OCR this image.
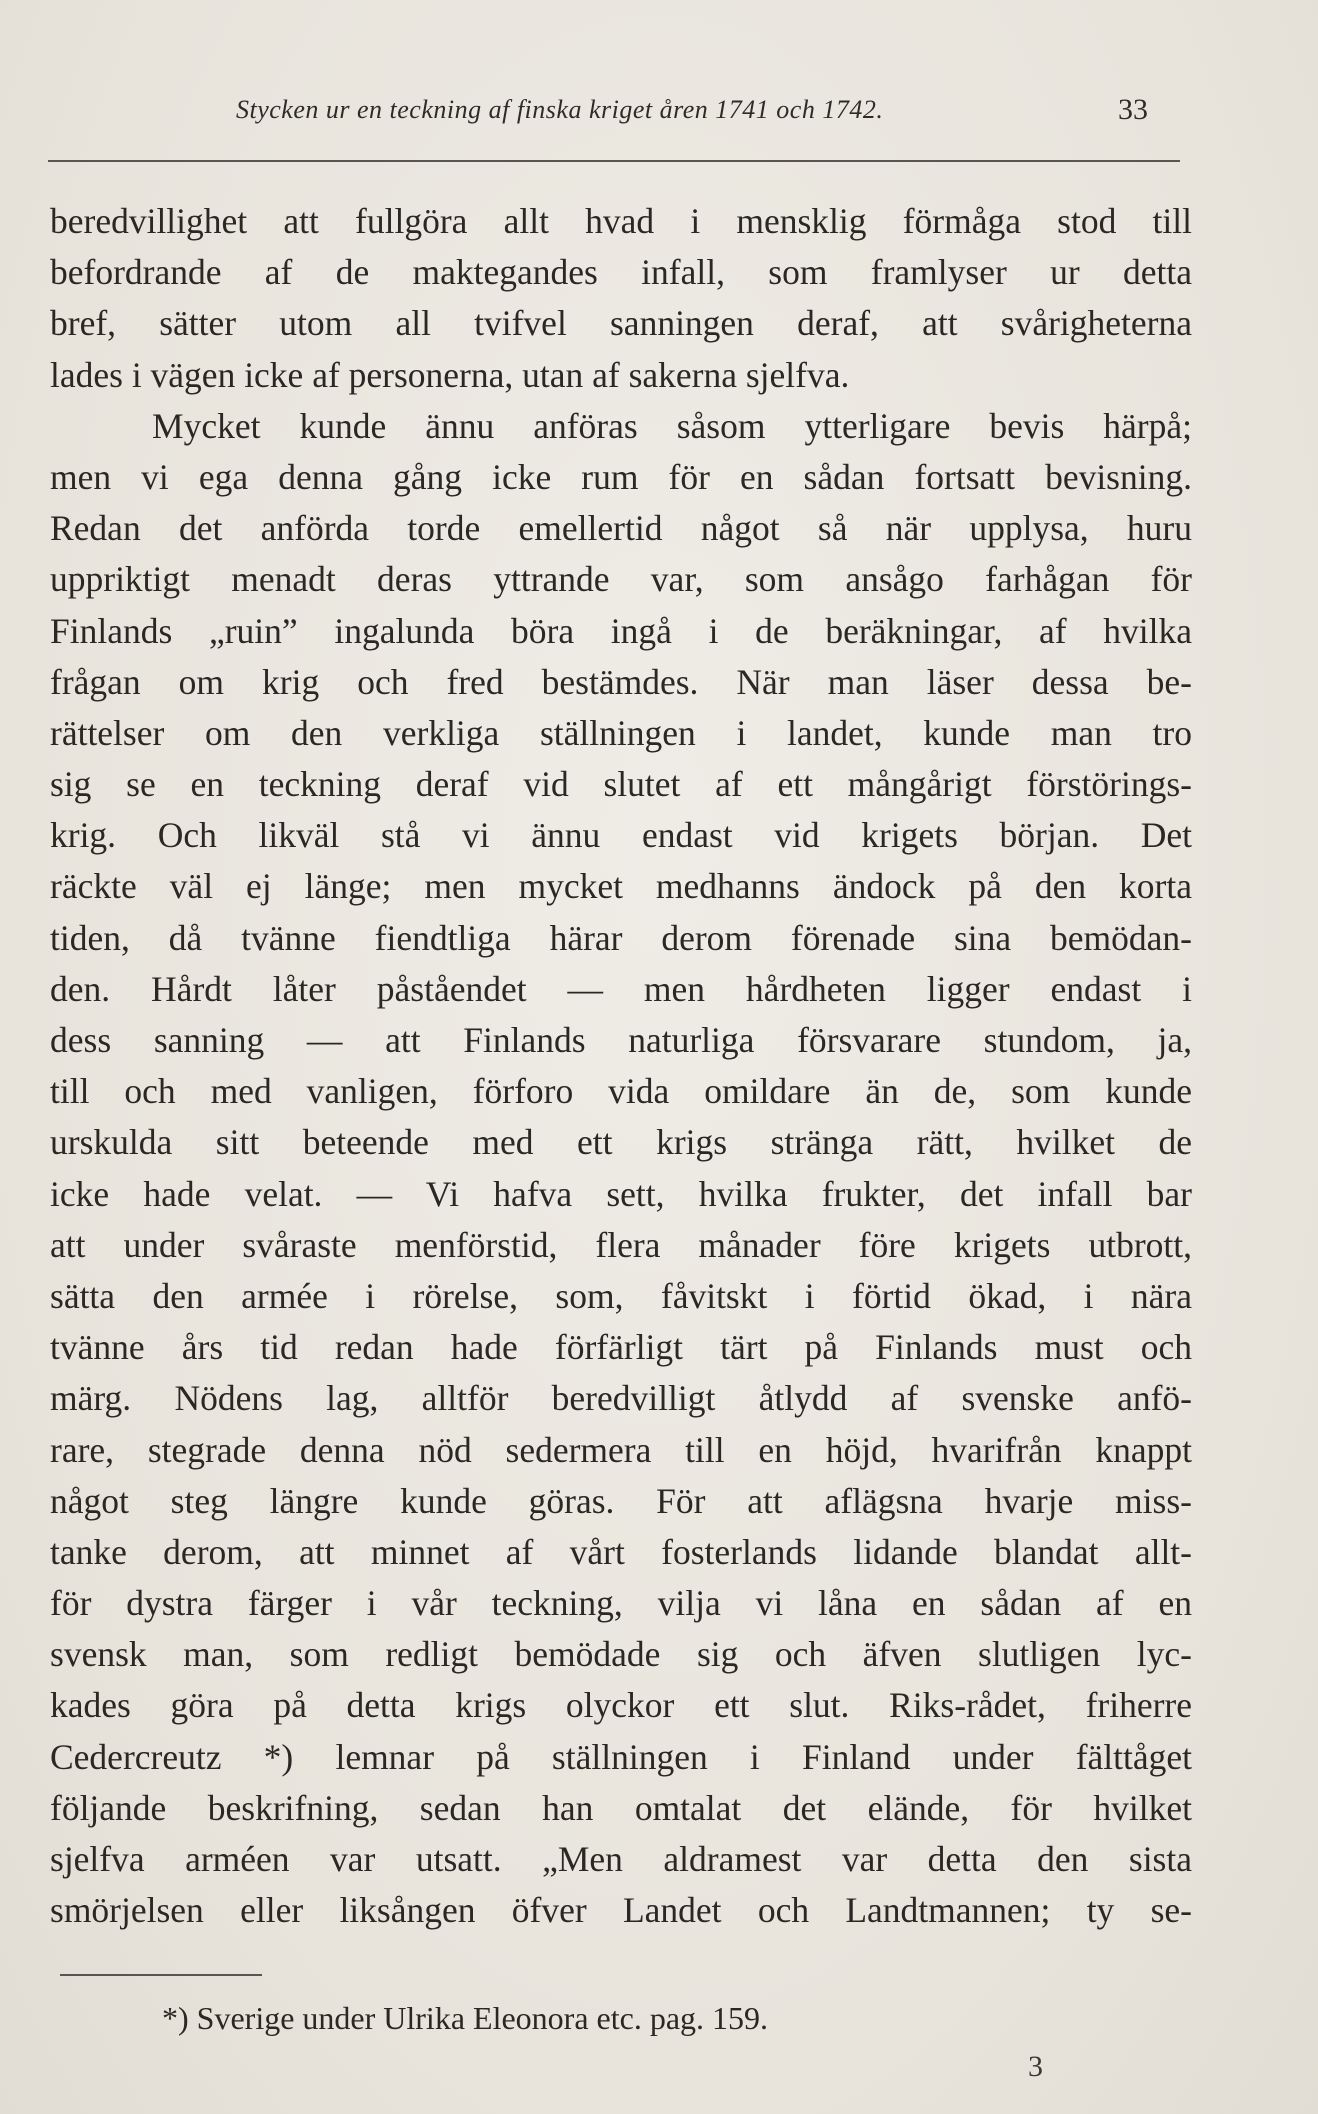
Stycken ur en teckning af finska kriget åren 1741 och 1742.	33
beredvillighet att fullgöra allt hvad i mensklig förmåga stod till
befordrande af de maktegandes infall, som framlyser ur detta
bref, sätter utom all tvifvel sanningen deraf, att svårigheterna
lades i vägen icke af personerna, utan af sakerna sjelfva.
Mycket kunde ännu anföras såsom ytterligare bevis härpå;
men vi ega denna gång icke rum för en sådan fortsatt bevisning.
Redan det anförda torde emellertid något så när upplysa, huru
uppriktigt menadt deras yttrande var, som ansågo farhågan för
Finlands „ruin” ingalunda böra ingå i de beräkningar, af hvilka
frågan om krig och fred bestämdes. När man läser dessa be-
rättelser om den verkliga ställningen i landet, kunde man tro
sig se en teckning deraf vid slutet af ett mångårigt förstörings-
krig. Och likväl stå vi ännu endast vid krigets början. Det
räckte väl ej länge; men mycket medhanns ändock på den korta
tiden, då tvänne fiendtliga härar derom förenade sina bemödan-
den. Hårdt låter påståendet — men hårdheten ligger endast i
dess sanning — att Finlands naturliga försvarare stundom, ja,
till och med vanligen, förforo vida omildare än de, som kunde
urskulda sitt beteende med ett krigs stränga rätt, hvilket de
icke hade velat. — Vi hafva sett, hvilka frukter, det infall bar
att under svåraste menförstid, flera månader före krigets utbrott,
sätta den armée i rörelse, som, fåvitskt i förtid ökad, i nära
tvänne års tid redan hade förfärligt tärt på Finlands must och
märg. Nödens lag, alltför beredvilligt åtlydd af svenske anfö-
rare, stegrade denna nöd sedermera till en höjd, hvarifrån knappt
något steg längre kunde göras. För att aflägsna hvarje miss-
tanke derom, att minnet af vårt fosterlands lidande blandat allt-
för dystra färger i vår teckning, vilja vi låna en sådan af en
svensk man, som redligt bemödade sig och äfven slutligen lyc-
kades göra på detta krigs olyckor ett slut. Riks-rådet, friherre
Cedercreutz *) lemnar på ställningen i Finland under fälttåget
följande beskrifning, sedan han omtalat det elände, för hvilket
sjelfva arméen var utsatt. „Men aldramest var detta den sista
smörjelsen eller liksången öfver Landet och Landtmannen; ty se-
*) Sverige under Ulrika Eleonora etc. pag. 159.
3
